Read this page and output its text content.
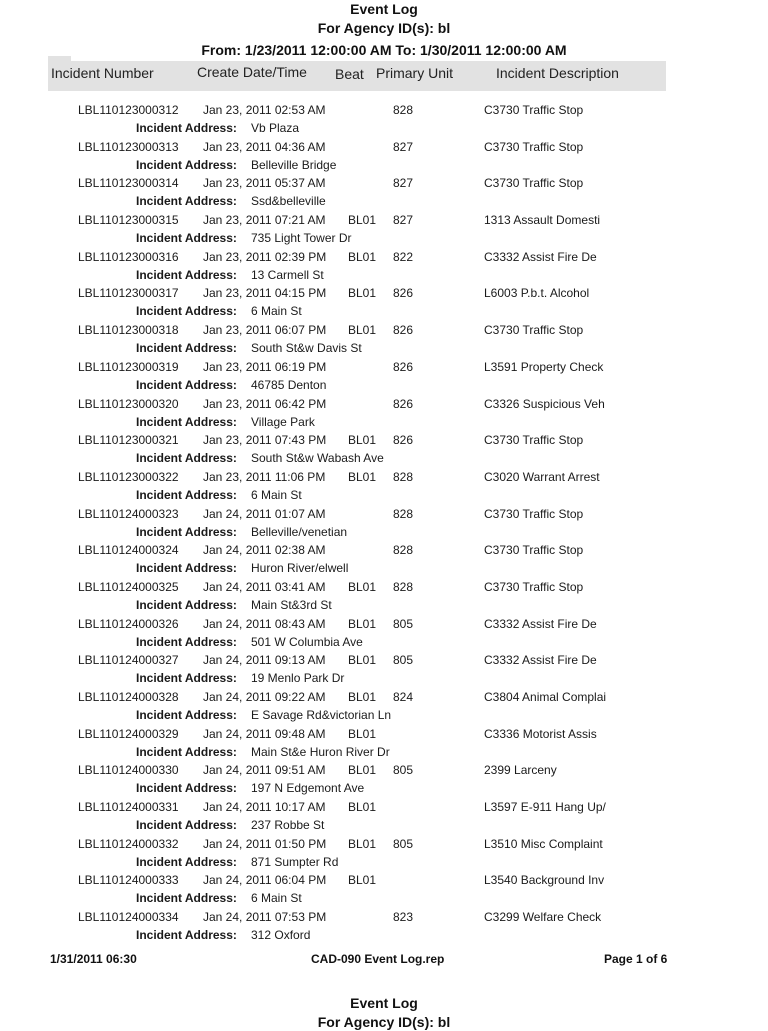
Event Log
For Agency ID(s): bl
From: 1/23/2011 12:00:00 AM To: 1/30/2011 12:00:00 AM
Incident Number	Create Date/Time Beat Primary Unit	Incident Description
LBL110123000312 Jan 23, 2011 02:53 AM	828	C3730 Traffic Stop
Incident Address: Vb Plaza
LBL110123000313 Jan 23, 2011 04:36 AM	827	C3730 Traffic Stop
Incident Address: Belleville Bridge
LBL110123000314 Jan 23, 2011 05:37 AM	827	C3730 Traffic Stop
Incident Address: Ssd&belleville
LBL110123000315 Jan 23, 2011 07:21 AM BL01 827	1313 Assault Domesti
Incident Address: 735 Light Tower Dr
LBL110123000316 Jan 23, 2011 02:39 PM BL01 822	C3332 Assist Fire De
Incident Address: 13 Carmell St
LBL110123000317 Jan 23, 2011 04:15 PM BL01 826	L6003 P.b.t. Alcohol
Incident Address: 6 Main St
LBL110123000318 Jan 23, 2011 06:07 PM BL01 826	C3730 Traffic Stop
Incident Address: South St&w Davis St
LBL110123000319 Jan 23, 2011 06:19 PM	826	L3591 Property Check
Incident Address: 46785 Denton
LBL110123000320 Jan 23, 2011 06:42 PM	826	C3326 Suspicious Veh
Incident Address: Village Park
LBL110123000321 Jan 23, 2011 07:43 PM BL01 826	C3730 Traffic Stop
Incident Address: South St&w Wabash Ave
LBL110123000322 Jan 23, 2011 11:06 PM BL01 828	C3020 Warrant Arrest
Incident Address: 6 Main St
LBL110124000323 Jan 24, 2011 01:07 AM	828	C3730 Traffic Stop
Incident Address: Belleville/venetian
LBL110124000324 Jan 24, 2011 02:38 AM	828	C3730 Traffic Stop
Incident Address: Huron River/elwell
LBL110124000325 Jan 24, 2011 03:41 AM BL01 828	C3730 Traffic Stop
Incident Address: Main St&3rd St
LBL110124000326 Jan 24, 2011 08:43 AM BL01 805	C3332 Assist Fire De
Incident Address: 501 W Columbia Ave
LBL110124000327 Jan 24, 2011 09:13 AM BL01 805	C3332 Assist Fire De
Incident Address: 19 Menlo Park Dr
LBL110124000328 Jan 24, 2011 09:22 AM BL01 824	C3804 Animal Complai
Incident Address: E Savage Rd&victorian Ln
LBL110124000329 Jan 24, 2011 09:48 AM BL01	C3336 Motorist Assis
Incident Address: Main St&e Huron River Dr
LBL110124000330 Jan 24, 2011 09:51 AM BL01 805	2399 Larceny
Incident Address: 197 N Edgemont Ave
LBL110124000331 Jan 24, 2011 10:17 AM BL01	L3597 E-911 Hang Up/
Incident Address: 237 Robbe St
LBL110124000332 Jan 24, 2011 01:50 PM BL01 805	L3510 Misc Complaint
Incident Address: 871 Sumpter Rd
LBL110124000333 Jan 24, 2011 06:04 PM BL01	L3540 Background Inv
Incident Address: 6 Main St
LBL110124000334 Jan 24, 2011 07:53 PM	823	C3299 Welfare Check
Incident Address: 312 Oxford
1/31/2011 06:30	CAD-090 Event Log.rep	Page 1 of 6
Event Log
For Agency ID(s): bl
